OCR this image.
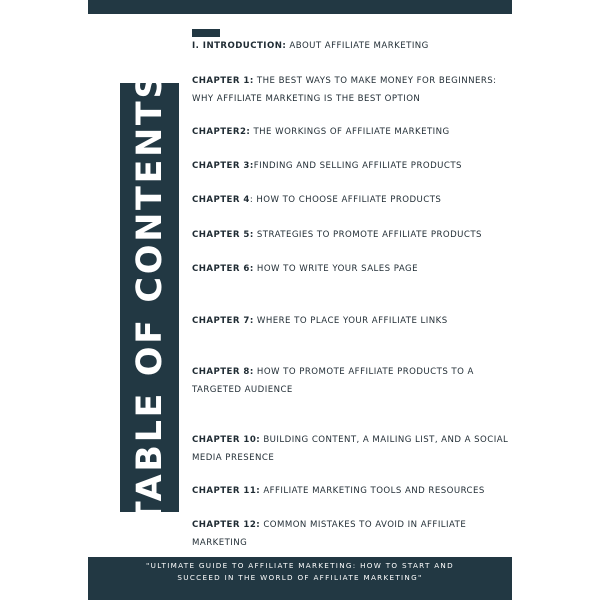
TABLE OF CONTENTS
I. INTRODUCTION: ABOUT AFFILIATE MARKETING
CHAPTER 1: THE BEST WAYS TO MAKE MONEY FOR BEGINNERS: WHY AFFILIATE MARKETING IS THE BEST OPTION
CHAPTER2: THE WORKINGS OF AFFILIATE MARKETING
CHAPTER 3:FINDING AND SELLING AFFILIATE PRODUCTS
CHAPTER 4: HOW TO CHOOSE AFFILIATE PRODUCTS
CHAPTER 5: STRATEGIES TO PROMOTE AFFILIATE PRODUCTS
CHAPTER 6: HOW TO WRITE YOUR SALES PAGE
CHAPTER 7: WHERE TO PLACE YOUR AFFILIATE LINKS
CHAPTER 8: HOW TO PROMOTE AFFILIATE PRODUCTS TO A TARGETED AUDIENCE
CHAPTER 10: BUILDING CONTENT, A MAILING LIST, AND A SOCIAL MEDIA PRESENCE
CHAPTER 11: AFFILIATE MARKETING TOOLS AND RESOURCES
CHAPTER 12: COMMON MISTAKES TO AVOID IN AFFILIATE MARKETING
"ULTIMATE GUIDE TO AFFILIATE MARKETING: HOW TO START AND SUCCEED IN THE WORLD OF AFFILIATE MARKETING"
